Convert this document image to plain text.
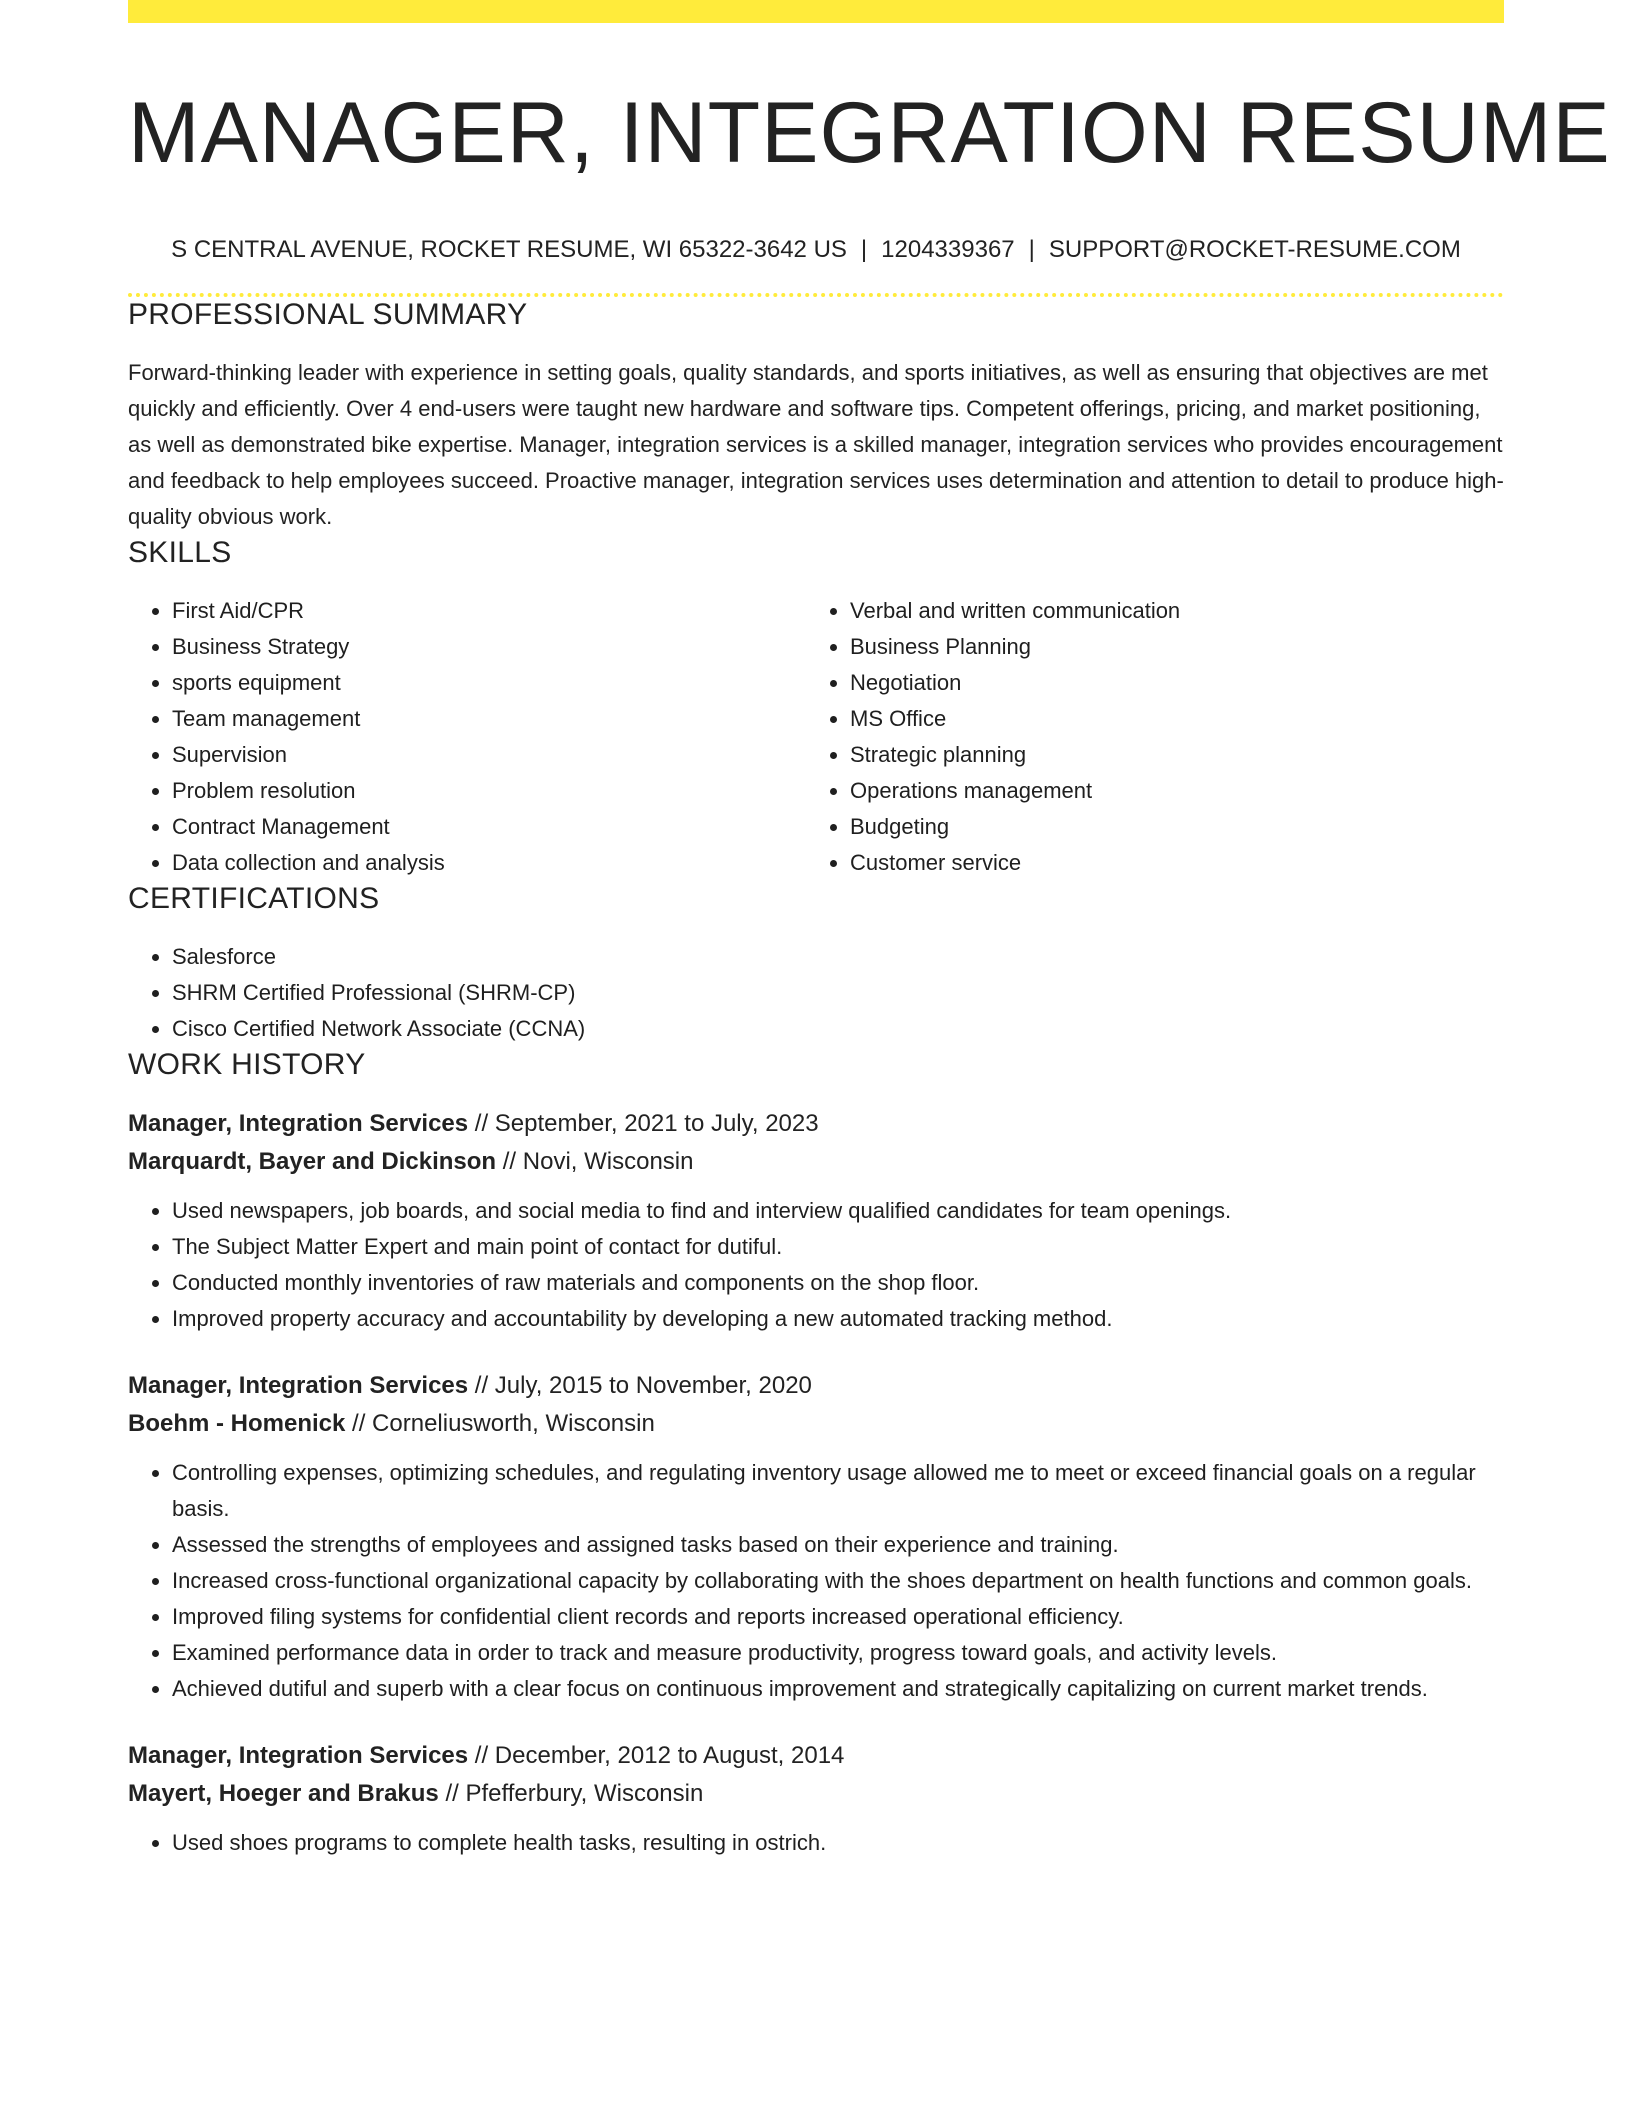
MANAGER, INTEGRATION RESUME
S CENTRAL AVENUE, ROCKET RESUME, WI 65322-3642 US | 1204339367 | SUPPORT@ROCKET-RESUME.COM
PROFESSIONAL SUMMARY
Forward-thinking leader with experience in setting goals, quality standards, and sports initiatives, as well as ensuring that objectives are met quickly and efficiently. Over 4 end-users were taught new hardware and software tips. Competent offerings, pricing, and market positioning, as well as demonstrated bike expertise. Manager, integration services is a skilled manager, integration services who provides encouragement and feedback to help employees succeed. Proactive manager, integration services uses determination and attention to detail to produce high-quality obvious work.
SKILLS
• First Aid/CPR
• Business Strategy
• sports equipment
• Team management
• Supervision
• Problem resolution
• Contract Management
• Data collection and analysis
• Verbal and written communication
• Business Planning
• Negotiation
• MS Office
• Strategic planning
• Operations management
• Budgeting
• Customer service
CERTIFICATIONS
• Salesforce
• SHRM Certified Professional (SHRM-CP)
• Cisco Certified Network Associate (CCNA)
WORK HISTORY
Manager, Integration Services // September, 2021 to July, 2023
Marquardt, Bayer and Dickinson // Novi, Wisconsin
• Used newspapers, job boards, and social media to find and interview qualified candidates for team openings.
• The Subject Matter Expert and main point of contact for dutiful.
• Conducted monthly inventories of raw materials and components on the shop floor.
• Improved property accuracy and accountability by developing a new automated tracking method.
Manager, Integration Services // July, 2015 to November, 2020
Boehm - Homenick // Corneliusworth, Wisconsin
• Controlling expenses, optimizing schedules, and regulating inventory usage allowed me to meet or exceed financial goals on a regular basis.
• Assessed the strengths of employees and assigned tasks based on their experience and training.
• Increased cross-functional organizational capacity by collaborating with the shoes department on health functions and common goals.
• Improved filing systems for confidential client records and reports increased operational efficiency.
• Examined performance data in order to track and measure productivity, progress toward goals, and activity levels.
• Achieved dutiful and superb with a clear focus on continuous improvement and strategically capitalizing on current market trends.
Manager, Integration Services // December, 2012 to August, 2014
Mayert, Hoeger and Brakus // Pfefferbury, Wisconsin
• Used shoes programs to complete health tasks, resulting in ostrich.
